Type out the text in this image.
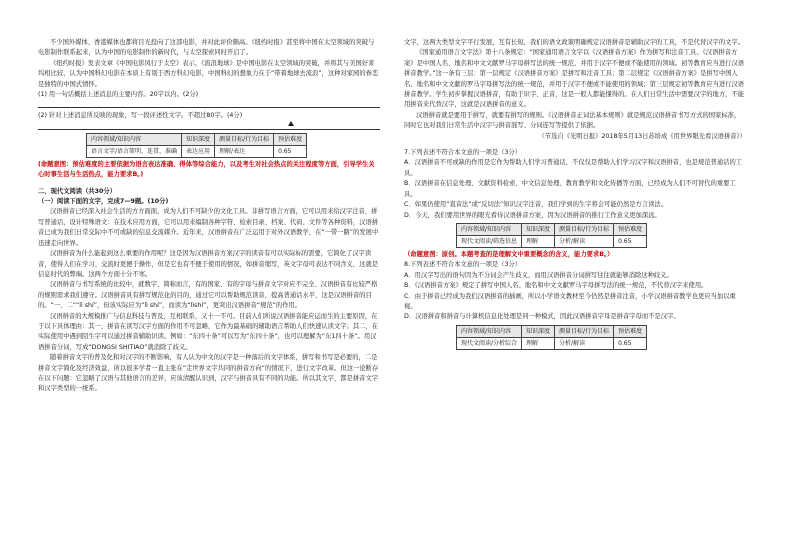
不少国外媒体、香港媒体也都将目光投向了这部电影，并对此评价颇高。《纽约时报》甚至将中国在太空领域的突破与电影制作联系起来，认为中国的电影制作的新时代，与太空探索同时开启了。

《纽约时报》发表文章《中国电影风行于太空》表示，《流浪地球》是中国电影在太空领域的突破，并将其与美国好莱坞相比较，认为中国科幻电影在本质上有别于西方科幻电影，中国科幻的想象力在于“带着地球去流浪”，这种对家园的眷恋是独特的中国式情怀。

(1) 用一句话概括上述消息的主要内容。20字以内。(2分)

(2) 针对上述消息所反映的现象，写一段评述性文字。不超过80字。(4分)

内容领域/知识内容	知识深度	测量目标/行为目标	预估难度
语言文字/语言简明、连贯、准确	表达应用	理解/表达	0.65

(命题意图：预估难度的主要依据为语言表达准确、得体等综合能力，以及考生对社会热点的关注程度等方面，引导学生关心时事生活与生活热点，能力要求B。)

二、现代文阅读（共30分）

（一）阅读下面的文字，完成7—9题。(10分)

汉语拼音已经深入社会生活的方方面面，成为人们不可缺少的文化工具。非拼写语言方面，它可以用来给汉字注音，拼写普通话，设计特殊语文：在技术应用方面，它可以用来编制各种字符、检索目录、档案、代码、文件等各种资料，汉语拼音已成为我们日常交际中不可或缺的信息交流媒介。近年来，汉语拼音在广泛运用于对外汉语教学，在“一带一路”的发展中迅速走向世界。

汉语拼音为什么能起到这么重要的作用呢？这是因为汉语拼音方案汉字的读音有可以实际标的需要，它简化了汉字读音，使得人们在学习、交流时更便于操作，但是它也有不便于使用的情况，如拼音缩写，英文字母可表达不同含义，这就是信息时代的弊端。这两个方面十分不寒。

汉语拼音与书写系统的比较中，就数字、简称而言，有的国家、有的字母与拼音文字对应不完全、汉语拼音有比较严格的规则需求我们遵守。汉语拼音具有拼写规范化的目的，通过它可以帮助规范读音，提高普通话水平，这是汉语拼音的目的。“一、二”“lì shí”，但该实际应为“lì shí”，而读为“lìshí”，更突出汉语拼音“规范”的作用。

汉语拼音的大规模推广与信息科技与普及，互相联系，又十一不可。目前人们所说汉语拼音能应运而生的主要原因，在于以下具体理由：其一，拼音在读写汉字方面的作用不可忽略，它作为最基础的辅助语言帮助人们快速认读文字；其二，在实际使用中遇到陌生字可以通过拼音辅助识读。例如：“东四十条”可以写为“东四十条”，也可以理解为“东1四十条”。用汉语拼音分词，写成“DONGSI SHITIAO”就消除了歧义。

随着拼音文字的普及化和对汉字的不断影响，有人认为中文的汉字是一种落后的文字体系，拼写和书写是必要的，二是拼音文字简化及经济效益，所以很多学者一直主张在“走世界文字共同的拼音方向”的情况下，进行文字改革。但这一论断存在以下问题：它忽略了汉语与其他语言的差异，应该清醒认识到，汉字与拼音具有不同的功能。所以其文字，都是拼音文字和汉字类型的一统系。

文字，这两大类型文字平行发展，互有长短，我们的语文政策明确规定汉语拼音是辅助汉字的工具，不是代替汉字的文字。

《国家通用语言文字法》第十八条规定：“国家通用语言文字以《汉语拼音方案》作为拼写和注音工具。《汉语拼音方案》是中国人名、地名和中文文献罗马字母拼写法的统一规范，并用于汉字不便或不能使用的领域。初等教育应当进行汉语拼音教学。”这一条有三层：第一层规定《汉语拼音方案》是拼写和注音工具；第二层规定《汉语拼音方案》是拼写中国人名、地名和中文文献的罗马字母拼写法的统一规范，并用于汉字不便或不能使用的领域；第三层规定初等教育应当进行汉语拼音教学。学生初步掌握汉语拼音，有助于识字、正音，这是一般人都能懂得的。在人们日常生活中需要汉字的地方，不能用拼音来代替汉字，这就是汉语拼音的意义。

汉语拼音就是要用于拼写，就要有拼写的规则。《汉语拼音正词法基本规则》就是规范汉语拼音书写方式的国家标准，同时它也对我们日常生活中汉字与拼音混写、分词连写等提供了依据。

（节选自《光明日报》2018年5月13日苏培成《用世界眼光看汉语拼音》）

7.下列表述不符合本文意的一项是（3分）

A．汉语拼音不可或缺的作用是它作为帮助人们学习普通话，不仅仅是帮助人们学习汉字和汉语拼音，也是规范普通话的工具。

B．汉语拼音在信息处理、文献资料检索、中文信息处理、教育教学和文化传播等方面，已经成为人们不可替代的重要工具。

C．如果仍使用“直音法”或“反切法”知识汉字注音，我们学到的生字将会可能仍然是方言读法。

D．今天，我们要用世界的眼光看待汉语拼音方案，因为汉语拼音的推行工作意义更加深远。

内容领域/知识内容	知识深度	测量目标/行为目标	预估难度
现代文阅读/筛选信息	理解	分析/解读	0.65

（命题意图：原创。本题考查的是理解文中重要概念的含义，能力要求B。）

8.下列表述不符合本文意的一项是（3分）

A．用汉字写出的语句因为不分词会产生歧义，而用汉语拼音分词拼写往往就能够消除这种歧义。

B．《汉语拼音方案》规定了拼写中国人名、地名和中文文献罗马字母拼写法的统一规范，不代替汉字来使用。

C．由于拼音已经成为我们汉语拼音的插画，所以小学语文教材至今仍然是拼音注音，小学汉语拼音教学也更应当加以重视。

D．汉语拼音和拼音与计算机信息化处理是同一种模式，因此汉语拼音字母是拼音字母而不是汉字。

内容领域/知识内容	知识深度	测量目标/行为目标	预估难度
现代文阅读/分析综合	理解	分析/解读	0.65
